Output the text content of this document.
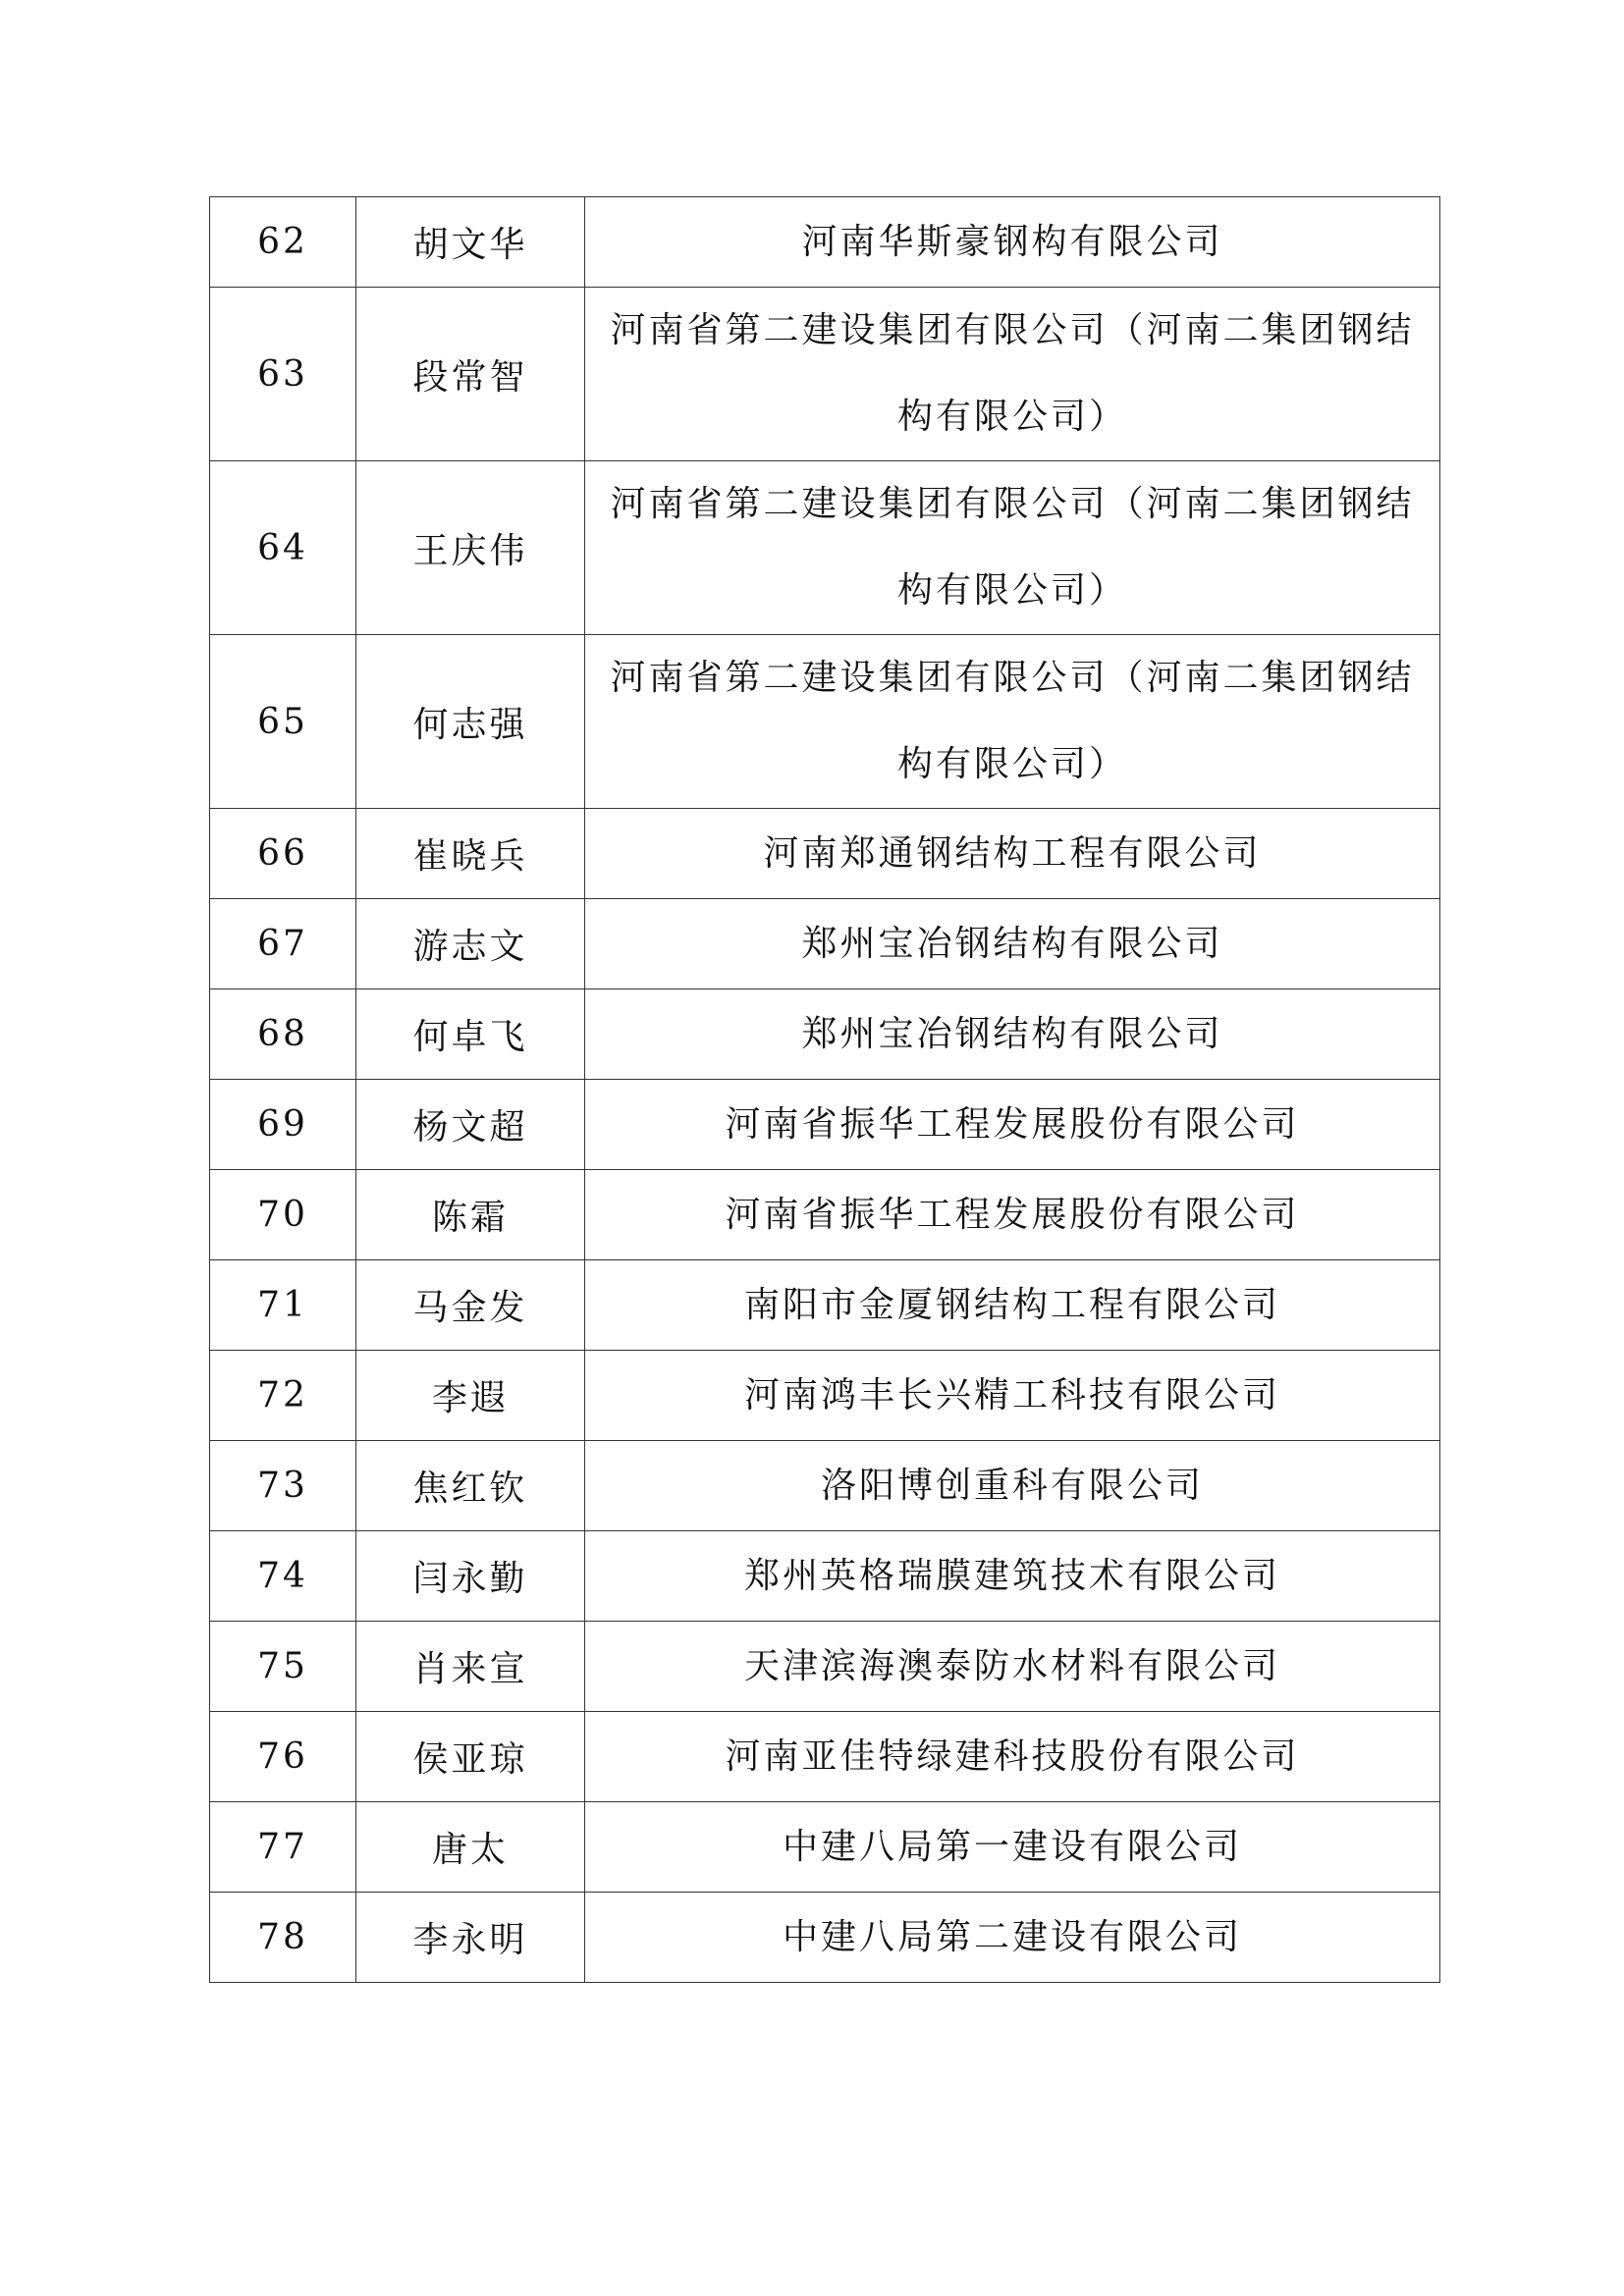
62	胡文华	河南华斯豪钢构有限公司
63	段常智	河南省第二建设集团有限公司（河南二集团钢结构有限公司）
64	王庆伟	河南省第二建设集团有限公司（河南二集团钢结构有限公司）
65	何志强	河南省第二建设集团有限公司（河南二集团钢结构有限公司）
66	崔晓兵	河南郑通钢结构工程有限公司
67	游志文	郑州宝冶钢结构有限公司
68	何卓飞	郑州宝冶钢结构有限公司
69	杨文超	河南省振华工程发展股份有限公司
70	陈霜	河南省振华工程发展股份有限公司
71	马金发	南阳市金厦钢结构工程有限公司
72	李遐	河南鸿丰长兴精工科技有限公司
73	焦红钦	洛阳博创重科有限公司
74	闫永勤	郑州英格瑞膜建筑技术有限公司
75	肖来宣	天津滨海澳泰防水材料有限公司
76	侯亚琼	河南亚佳特绿建科技股份有限公司
77	唐太	中建八局第一建设有限公司
78	李永明	中建八局第二建设有限公司
